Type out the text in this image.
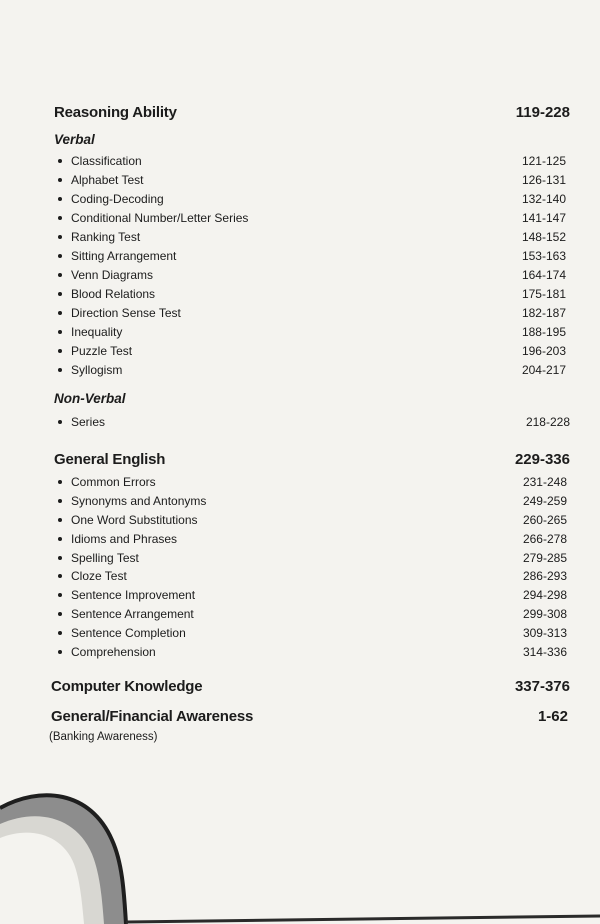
Reasoning Ability	119-228
Verbal
Classification	121-125
Alphabet Test	126-131
Coding-Decoding	132-140
Conditional Number/Letter Series	141-147
Ranking Test	148-152
Sitting Arrangement	153-163
Venn Diagrams	164-174
Blood Relations	175-181
Direction Sense Test	182-187
Inequality	188-195
Puzzle Test	196-203
Syllogism	204-217
Non-Verbal
Series	218-228
General English	229-336
Common Errors	231-248
Synonyms and Antonyms	249-259
One Word Substitutions	260-265
Idioms and Phrases	266-278
Spelling Test	279-285
Cloze Test	286-293
Sentence Improvement	294-298
Sentence Arrangement	299-308
Sentence Completion	309-313
Comprehension	314-336
Computer Knowledge	337-376
General/Financial Awareness	1-62
(Banking Awareness)
